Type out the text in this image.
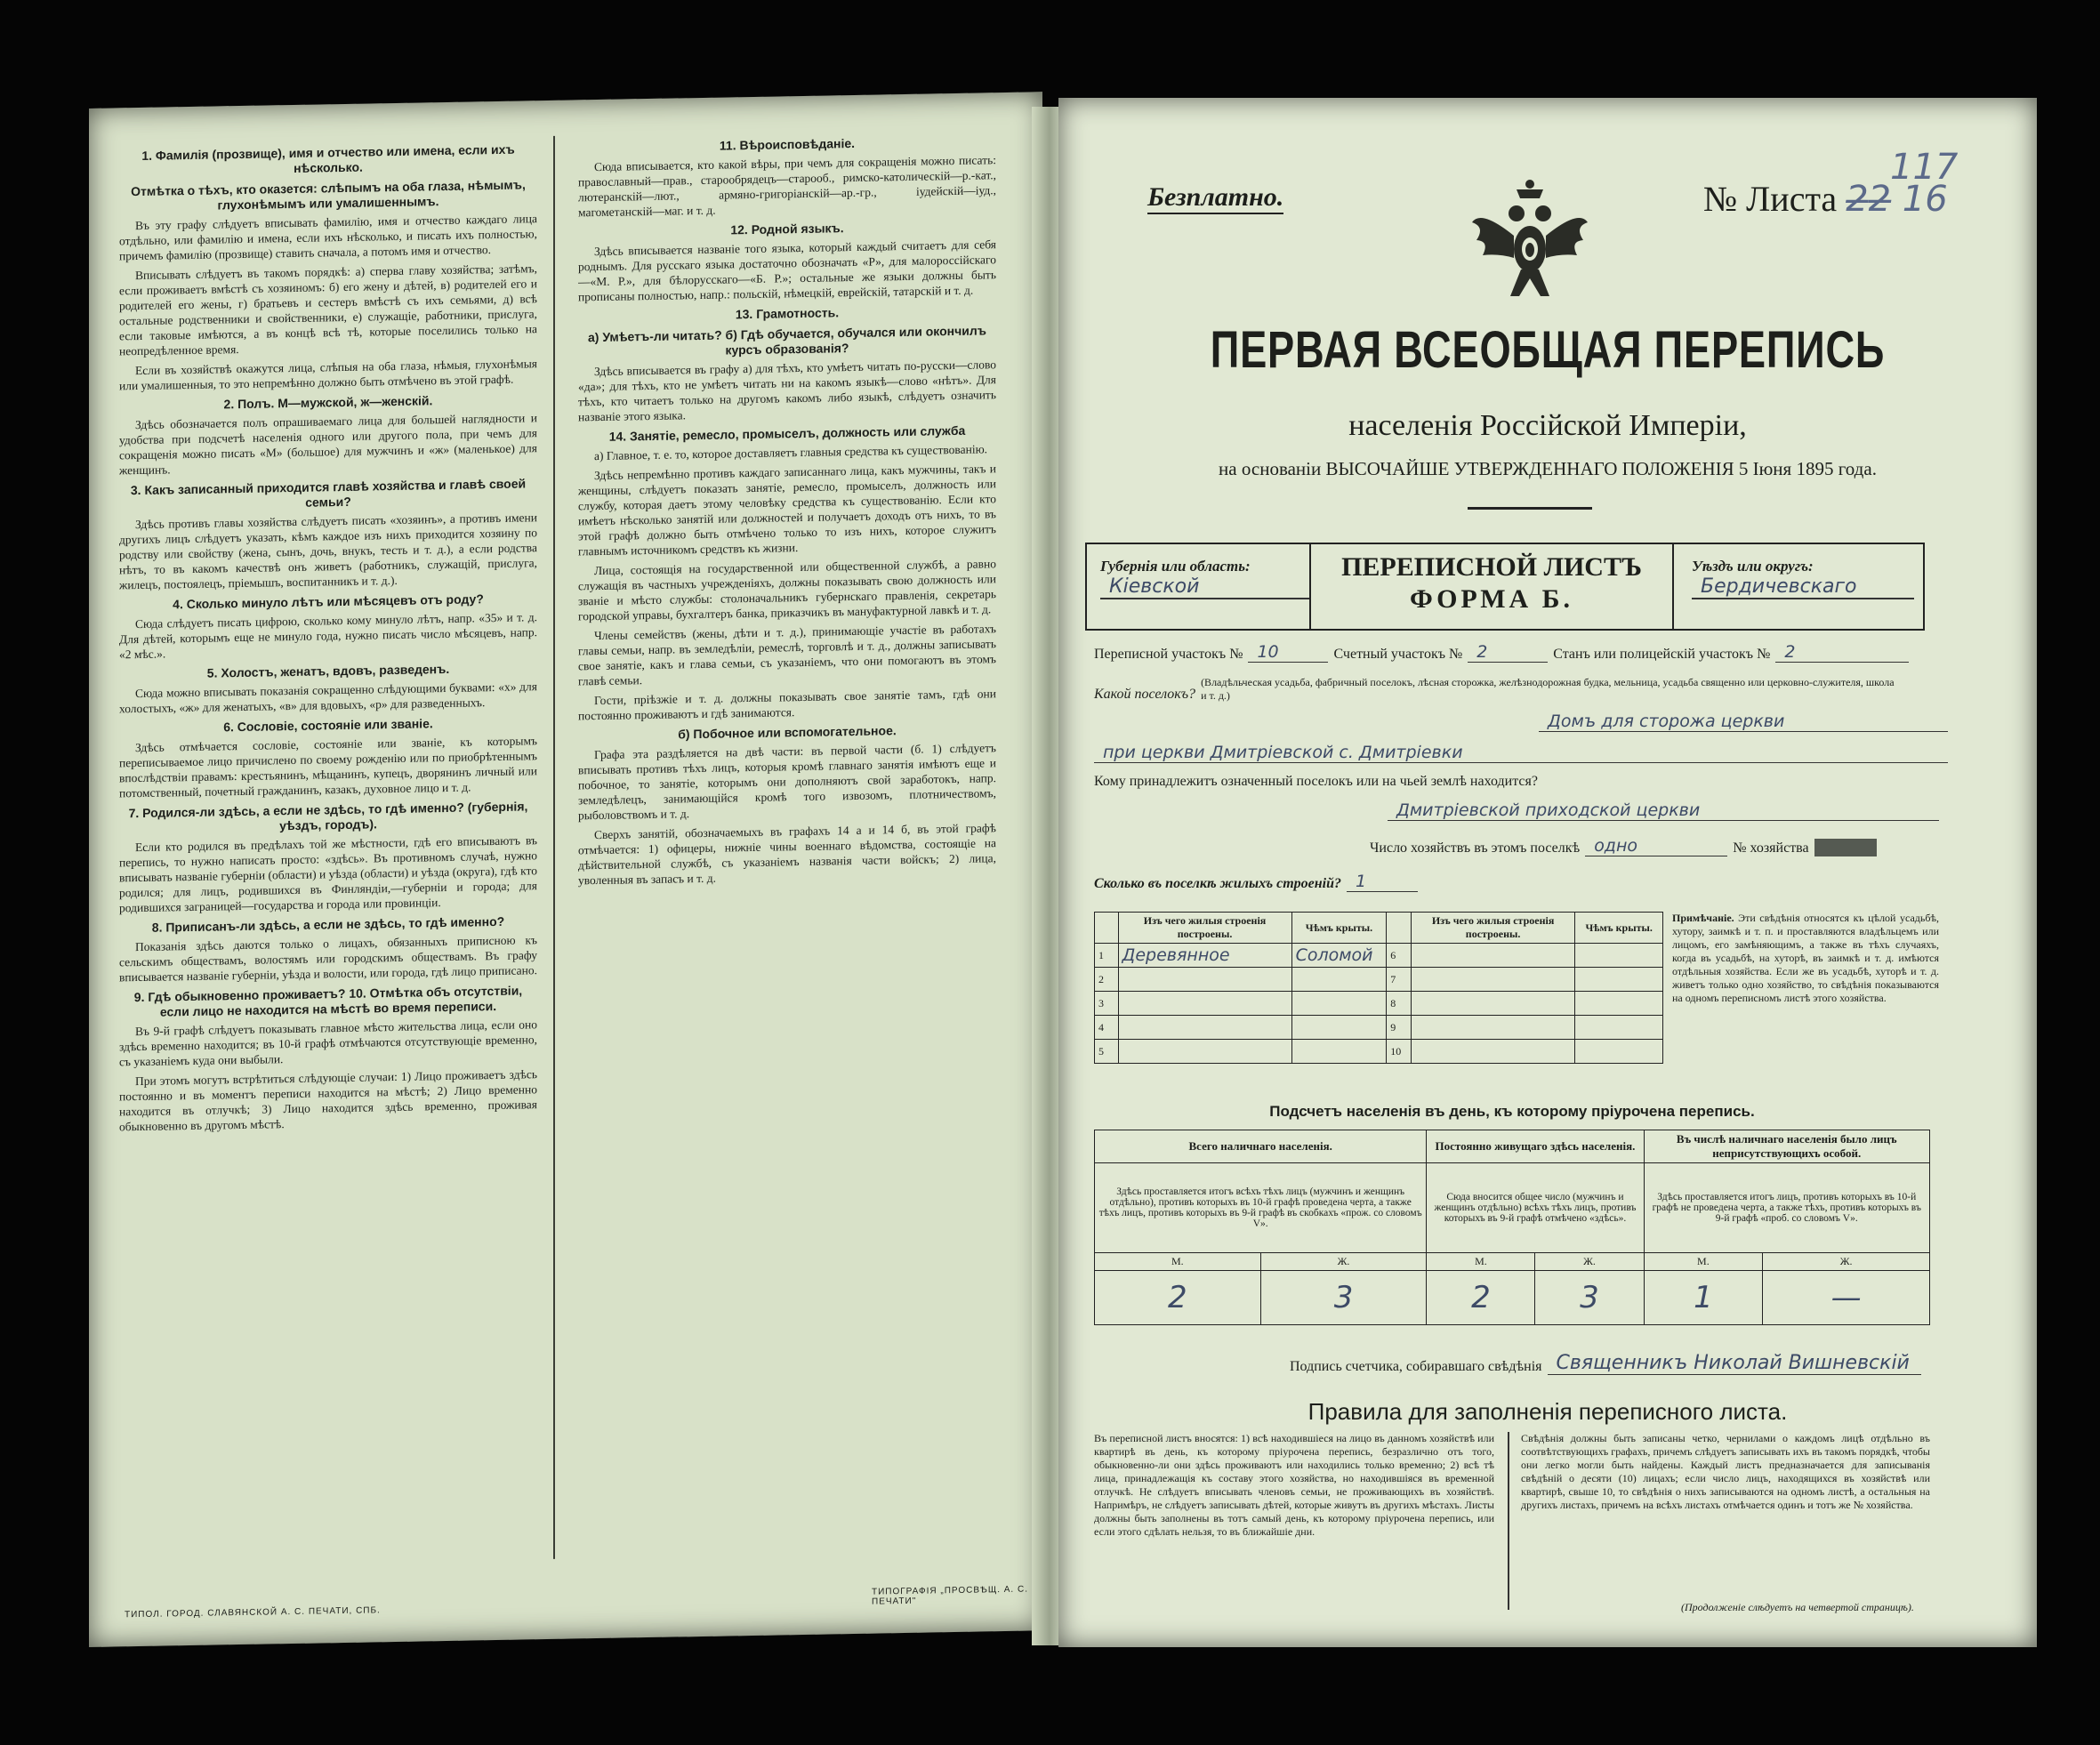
1. Фамилія (прозвище), имя и отчество или имена, если ихъ нѣсколько.
Отмѣтка о тѣхъ, кто оказется: слѣпымъ на оба глаза, нѣмымъ, глухонѣмымъ или умалишеннымъ.

Въ эту графу слѣдуетъ вписывать фамилію, имя и отчество каждаго лица отдѣльно, или фамилію и имена, если ихъ нѣсколько, и писать ихъ полностью, причемъ фамилію (прозвище) ставить сначала, а потомъ имя и отчество.

Вписывать слѣдуетъ въ такомъ порядкѣ: а) сперва главу хозяйства; затѣмъ, если проживаетъ вмѣстѣ съ хозяиномъ: б) его жену и дѣтей, в) родителей его и родителей его жены, г) братьевъ и сестеръ вмѣстѣ съ ихъ семьями, д) всѣ остальные родственники и свойственники, е) служащіе, работники, прислуга, если таковые имѣются, а въ концѣ всѣ тѣ, которые поселились только на неопредѣленное время.

Если въ хозяйствѣ окажутся лица, слѣпыя на оба глаза, нѣмыя, глухонѣмыя или умалишенныя, то это непремѣнно должно быть отмѣчено въ этой графѣ.

2. Полъ. М—мужской, ж—женскій.

Здѣсь обозначается полъ опрашиваемаго лица для большей наглядности и удобства при подсчетѣ населенія одного или другого пола, при чемъ для сокращенія можно писать «М» (большое) для мужчинъ и «ж» (маленькое) для женщинъ.

3. Какъ записанный приходится главѣ хозяйства и главѣ своей семьи?

Здѣсь противъ главы хозяйства слѣдуетъ писать «хозяинъ», а противъ имени другихъ лицъ слѣдуетъ указать, кѣмъ каждое изъ нихъ приходится хозяину по родству или свойству (жена, сынъ, дочь, внукъ, тесть и т. д.), а если родства нѣтъ, то въ какомъ качествѣ онъ живетъ (работникъ, служащій, прислуга, жилецъ, постоялецъ, пріемышъ, воспитанникъ и т. д.).

4. Сколько минуло лѣтъ или мѣсяцевъ отъ роду?

Сюда слѣдуетъ писать цифрою, сколько кому минуло лѣтъ, напр. «35» и т. д. Для дѣтей, которымъ еще не минуло года, нужно писать число мѣсяцевъ, напр. «2 мѣс.».

5. Холостъ, женатъ, вдовъ, разведенъ.

Сюда можно вписывать показанія сокращенно слѣдующими буквами: «х» для холостыхъ, «ж» для женатыхъ, «в» для вдовыхъ, «р» для разведенныхъ.

6. Сословіе, состояніе или званіе.

Здѣсь отмѣчается сословіе, состояніе или званіе, къ которымъ переписываемое лицо причислено по своему рожденію или по приобрѣтеннымъ впослѣдствіи правамъ: крестьянинъ, мѣщанинъ, купецъ, дворянинъ личный или потомственный, почетный гражданинъ, казакъ, духовное лицо и т. д.

7. Родился-ли здѣсь, а если не здѣсь, то гдѣ именно? (губернія, уѣздъ, городъ).

Если кто родился въ предѣлахъ той же мѣстности, гдѣ его вписываютъ въ перепись, то нужно написать просто: «здѣсь». Въ противномъ случаѣ, нужно вписывать названіе губерніи (области) и уѣзда (области) и уѣзда (округа), гдѣ кто родился; для лицъ, родившихся въ Финляндіи,—губерніи и города; для родившихся заграницей—государства и города или провинціи.

8. Приписанъ-ли здѣсь, а если не здѣсь, то гдѣ именно?

Показанія здѣсь даются только о лицахъ, обязанныхъ приписною къ сельскимъ обществамъ, волостямъ или городскимъ обществамъ. Въ графу вписывается названіе губерніи, уѣзда и волости, или города, гдѣ лицо приписано.

9. Гдѣ обыкновенно проживаетъ? 10. Отмѣтка объ отсутствіи, если лицо не находится на мѣстѣ во время переписи.

Въ 9-й графѣ слѣдуетъ показывать главное мѣсто жительства лица, если оно здѣсь временно находится; въ 10-й графѣ отмѣчаются отсутствующіе временно, съ указаніемъ куда они выбыли.

При этомъ могутъ встрѣтиться слѣдующіе случаи: 1) Лицо проживаетъ здѣсь постоянно и въ моментъ переписи находится на мѣстѣ; 2) Лицо временно находится въ отлучкѣ; 3) Лицо находится здѣсь временно, проживая обыкновенно въ другомъ мѣстѣ.

11. Вѣроисповѣданіе.

Сюда вписывается, кто какой вѣры, при чемъ для сокращенія можно писать: православный—прав., старообрядецъ—старооб., римско-католическій—р.-кат., лютеранскій—лют., армяно-григоріанскій—ар.-гр., іудейскій—іуд., магометанскій—маг. и т. д.

12. Родной языкъ.

Здѣсь вписывается названіе того языка, который каждый считаетъ для себя роднымъ. Для русскаго языка достаточно обозначать «Р», для малороссійскаго—«М. Р.», для бѣлорусскаго—«Б. Р.»; остальные же языки должны быть прописаны полностью, напр.: польскій, нѣмецкій, еврейскій, татарскій и т. д.

13. Грамотность.
а) Умѣетъ-ли читать? б) Гдѣ обучается, обучался или окончилъ курсъ образованія?

Здѣсь вписывается въ графу а) для тѣхъ, кто умѣетъ читать по-русски—слово «да»; для тѣхъ, кто не умѣетъ читать ни на какомъ языкѣ—слово «нѣтъ». Для тѣхъ, кто читаетъ только на другомъ какомъ либо языкѣ, слѣдуетъ означить названіе этого языка.

14. Занятіе, ремесло, промыселъ, должность или служба

а) Главное, т. е. то, которое доставляетъ главныя средства къ существованію.

Здѣсь непремѣнно противъ каждаго записаннаго лица, какъ мужчины, такъ и женщины, слѣдуетъ показать занятіе, ремесло, промыселъ, должность или службу, которая даетъ этому человѣку средства къ существованію. Если кто имѣетъ нѣсколько занятій или должностей и получаетъ доходъ отъ нихъ, то въ этой графѣ должно быть отмѣчено только то изъ нихъ, которое служитъ главнымъ источникомъ средствъ къ жизни.

Лица, состоящія на государственной или общественной службѣ, а равно служащія въ частныхъ учрежденіяхъ, должны показывать свою должность или званіе и мѣсто службы: столоначальникъ губернскаго правленія, секретарь городской управы, бухгалтеръ банка, приказчикъ въ мануфактурной лавкѣ и т. д.

Члены семействъ (жены, дѣти и т. д.), принимающіе участіе въ работахъ главы семьи, напр. въ земледѣліи, ремеслѣ, торговлѣ и т. д., должны записывать свое занятіе, какъ и глава семьи, съ указаніемъ, что они помогаютъ въ этомъ главѣ семьи.

Гости, пріѣзжіе и т. д. должны показывать свое занятіе тамъ, гдѣ они постоянно проживаютъ и гдѣ занимаются.

б) Побочное или вспомогательное.

Графа эта раздѣляется на двѣ части: въ первой части (б. 1) слѣдуетъ вписывать противъ тѣхъ лицъ, которыя кромѣ главнаго занятія имѣютъ еще и побочное, то занятіе, которымъ они дополняютъ свой заработокъ, напр. земледѣлецъ, занимающійся кромѣ того извозомъ, плотничествомъ, рыболовствомъ и т. д.

Сверхъ занятій, обозначаемыхъ въ графахъ 14 а и 14 б, въ этой графѣ отмѣчается: 1) офицеры, нижніе чины военнаго вѣдомства, состоящіе на дѣйствительной службѣ, съ указаніемъ названія части войскъ; 2) лица, уволенныя въ запасъ и т. д.

ТИПОЛ. ГОРОД. СЛАВЯНСКОЙ А. С. ПЕЧАТИ, СПБ.
ТИПОГРАФІЯ „ПРОСВѢЩ. А. С. ПЕЧАТИ"
Безплатно.
117
№ Листа 2̶2̶ 16
ПЕРВАЯ ВСЕОБЩАЯ ПЕРЕПИСЬ
населенія Россійской Имперіи,
на основаніи ВЫСОЧАЙШЕ УТВЕРЖДЕННАГО ПОЛОЖЕНІЯ 5 Іюня 1895 года.
Губернія или область:
Кіевской
ПЕРЕПИСНОЙ ЛИСТЪ
ФОРМА Б.
Уѣздъ или округъ:
Бердичевскаго
Переписной участокъ № 10	Счетный участокъ № 2	Станъ или полицейскій участокъ № 2
Какой поселокъ?
(Владѣльческая усадьба, фабричный поселокъ, лѣсная сторожка, желѣзнодорожная будка, мельница, усадьба священно или церковно-служителя, школа и т. д.)
Домъ для сторожа церкви
при церкви Дмитріевской с. Дмитріевки
Кому принадлежитъ означенный поселокъ или на чьей землѣ находится?
Дмитріевской приходской церкви
Число хозяйствъ въ этомъ поселкѣ одно	№ хозяйства
Сколько въ поселкѣ жилыхъ строеній? 1
	Изъ чего жилыя строенія построены.	Чѣмъ крыты.		Изъ чего жилыя строенія построены.	Чѣмъ крыты.
1	Деревянное	Соломой	6		
2			7		
3			8		
4			9		
5			10		
Примѣчаніе. Эти свѣдѣнія относятся къ цѣлой усадьбѣ, хутору, заимкѣ и т. п. и проставляются владѣльцемъ или лицомъ, его замѣняющимъ, а также въ тѣхъ случаяхъ, когда въ усадьбѣ, на хуторѣ, въ заимкѣ и т. д. имѣются отдѣльныя хозяйства. Если же въ усадьбѣ, хуторѣ и т. д. живетъ только одно хозяйство, то свѣдѣнія показываются на одномъ переписномъ листѣ этого хозяйства.
Подсчетъ населенія въ день, къ которому пріурочена перепись.
Всего наличнаго населенія.		Постоянно живущаго здѣсь населенія.		Въ числѣ наличнаго населенія было лицъ неприсутствующихъ особой.	
Здѣсь проставляется итогъ всѣхъ тѣхъ лицъ (мужчинъ и женщинъ отдѣльно), противъ которыхъ въ 10-й графѣ проведена черта, а также тѣхъ лицъ, противъ которыхъ въ 9-й графѣ въ скобкахъ «прож. со словомъ V».		Сюда вносится общее число (мужчинъ и женщинъ отдѣльно) всѣхъ тѣхъ лицъ, противъ которыхъ въ 9-й графѣ отмѣчено «здѣсь».		Здѣсь проставляется итогъ лицъ, противъ которыхъ въ 10-й графѣ не проведена черта, а также тѣхъ, противъ которыхъ въ 9-й графѣ «проб. со словомъ V».	
М.	Ж.	М.	Ж.	М.	Ж.
2	3	2	3	1	—
Подпись счетчика, собиравшаго свѣдѣнія Священникъ Николай Вишневскій
Правила для заполненія переписного листа.
Въ переписной листъ вносятся: 1) всѣ находившіеся на лицо въ данномъ хозяйствѣ или квартирѣ въ день, къ которому пріурочена перепись, безразлично отъ того, обыкновенно-ли они здѣсь проживаютъ или находились только временно; 2) всѣ тѣ лица, принадлежащія къ составу этого хозяйства, но находившіяся въ временной отлучкѣ. Не слѣдуетъ вписывать членовъ семьи, не проживающихъ въ хозяйствѣ. Напримѣръ, не слѣдуетъ записывать дѣтей, которые живутъ въ другихъ мѣстахъ. Листы должны быть заполнены въ тотъ самый день, къ которому пріурочена перепись, или если этого сдѣлать нельзя, то въ ближайшіе дни.
Свѣдѣнія должны быть записаны четко, чернилами о каждомъ лицѣ отдѣльно въ соотвѣтствующихъ графахъ, причемъ слѣдуетъ записывать ихъ въ такомъ порядкѣ, чтобы они легко могли быть найдены. Каждый листъ предназначается для записыванія свѣдѣній о десяти (10) лицахъ; если число лицъ, находящихся въ хозяйствѣ или квартирѣ, свыше 10, то свѣдѣнія о нихъ записываются на одномъ листѣ, а остальныя на другихъ листахъ, причемъ на всѣхъ листахъ отмѣчается одинъ и тотъ же № хозяйства.
(Продолженіе слѣдуетъ на четвертой страницѣ).
